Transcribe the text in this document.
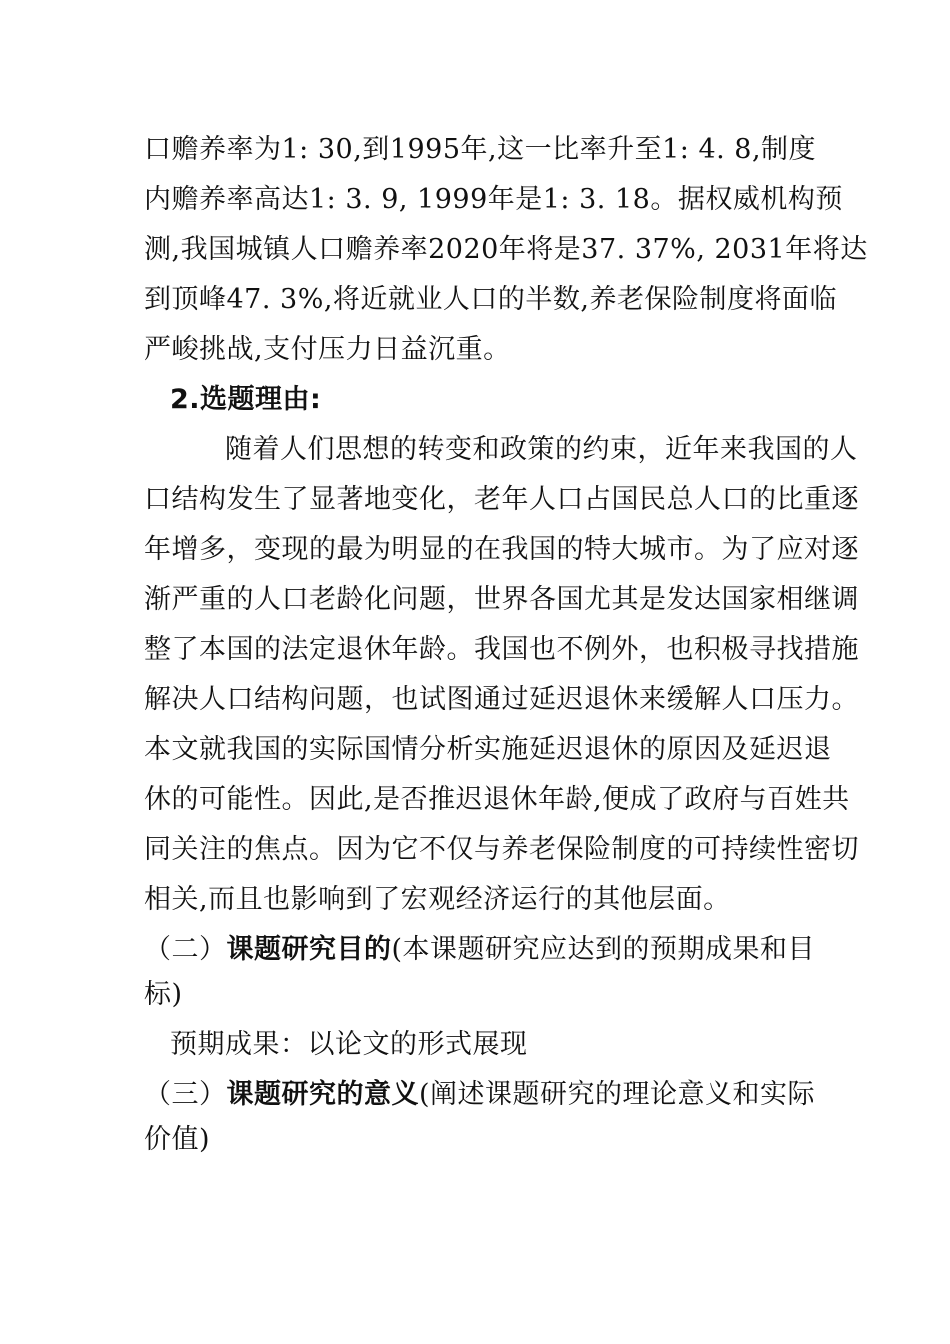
口赡养率为1: 30,到1995年,这一比率升至1: 4. 8,制度
内赡养率高达1: 3. 9, 1999年是1: 3. 18。据权威机构预
测,我国城镇人口赡养率2020年将是37. 37%, 2031年将达
到顶峰47. 3%,将近就业人口的半数,养老保险制度将面临
严峻挑战,支付压力日益沉重。
2.选题理由:
随着人们思想的转变和政策的约束，近年来我国的人
口结构发生了显著地变化，老年人口占国民总人口的比重逐
年增多，变现的最为明显的在我国的特大城市。为了应对逐
渐严重的人口老龄化问题，世界各国尤其是发达国家相继调
整了本国的法定退休年龄。我国也不例外，也积极寻找措施
解决人口结构问题，也试图通过延迟退休来缓解人口压力。
本文就我国的实际国情分析实施延迟退休的原因及延迟退
休的可能性。因此,是否推迟退休年龄,便成了政府与百姓共
同关注的焦点。因为它不仅与养老保险制度的可持续性密切
相关,而且也影响到了宏观经济运行的其他层面。
（二）课题研究目的(本课题研究应达到的预期成果和目
标)
预期成果：以论文的形式展现
（三）课题研究的意义(阐述课题研究的理论意义和实际
价值)
